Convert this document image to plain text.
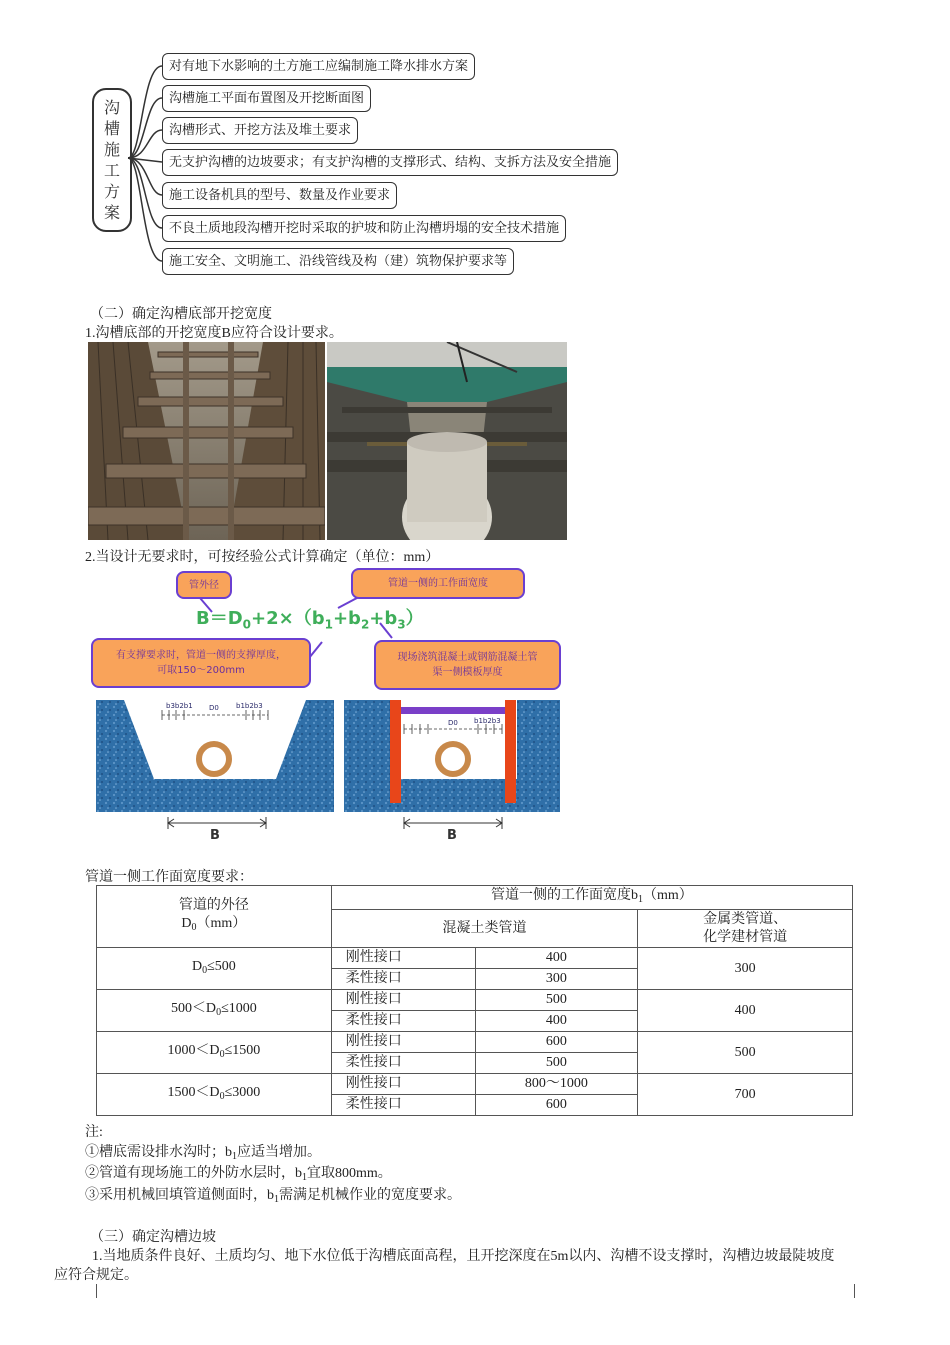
沟槽施工方案
对有地下水影响的土方施工应编制施工降水排水方案
沟槽施工平面布置图及开挖断面图
沟槽形式、开挖方法及堆土要求
无支护沟槽的边坡要求；有支护沟槽的支撑形式、结构、支拆方法及安全措施
施工设备机具的型号、数量及作业要求
不良土质地段沟槽开挖时采取的护坡和防止沟槽坍塌的安全技术措施
施工安全、文明施工、沿线管线及构（建）筑物保护要求等
（二）确定沟槽底部开挖宽度
1.沟槽底部的开挖宽度B应符合设计要求。
2.当设计无要求时，可按经验公式计算确定（单位：mm）
管外径	管道一侧的工作面宽度
$B=D_0+2\times(b_1+b_2+b_3)$
有支撑要求时，管道一侧的支撑厚度，
可取150～200mm
现场浇筑混凝土或钢筋混凝土管
渠一侧模板厚度
b3b2b1 D0 b1b2b3
B
b3b2b1 D0 b1b2b3
B
管道一侧工作面宽度要求：
管道的外径
$D_0(mm)$	管道一侧的工作面宽度$b_1(mm)$		
	混凝土类管道		金属类管道、
化学建材管道

$D_0\le 500$	刚性接口	400	300
	柔性接口	300	
$500<D_0\le 1000$	刚性接口	500	400
	柔性接口	400	
$1000<D_0\le 1500$	刚性接口	600	500
	柔性接口	500	
$1500<D_0\le 3000$	刚性接口	800～1000	700
	柔性接口	600	
注:
①槽底需设排水沟时；$b_1$应适当增加。
②管道有现场施工的外防水层时，$b_1$宜取800mm。
③采用机械回填管道侧面时，$b_1$需满足机械作业的宽度要求。
（三）确定沟槽边坡
1.当地质条件良好、土质均匀、地下水位低于沟槽底面高程，且开挖深度在5m以内、沟槽不设支撑时，沟槽边坡最陡坡度
应符合规定。
